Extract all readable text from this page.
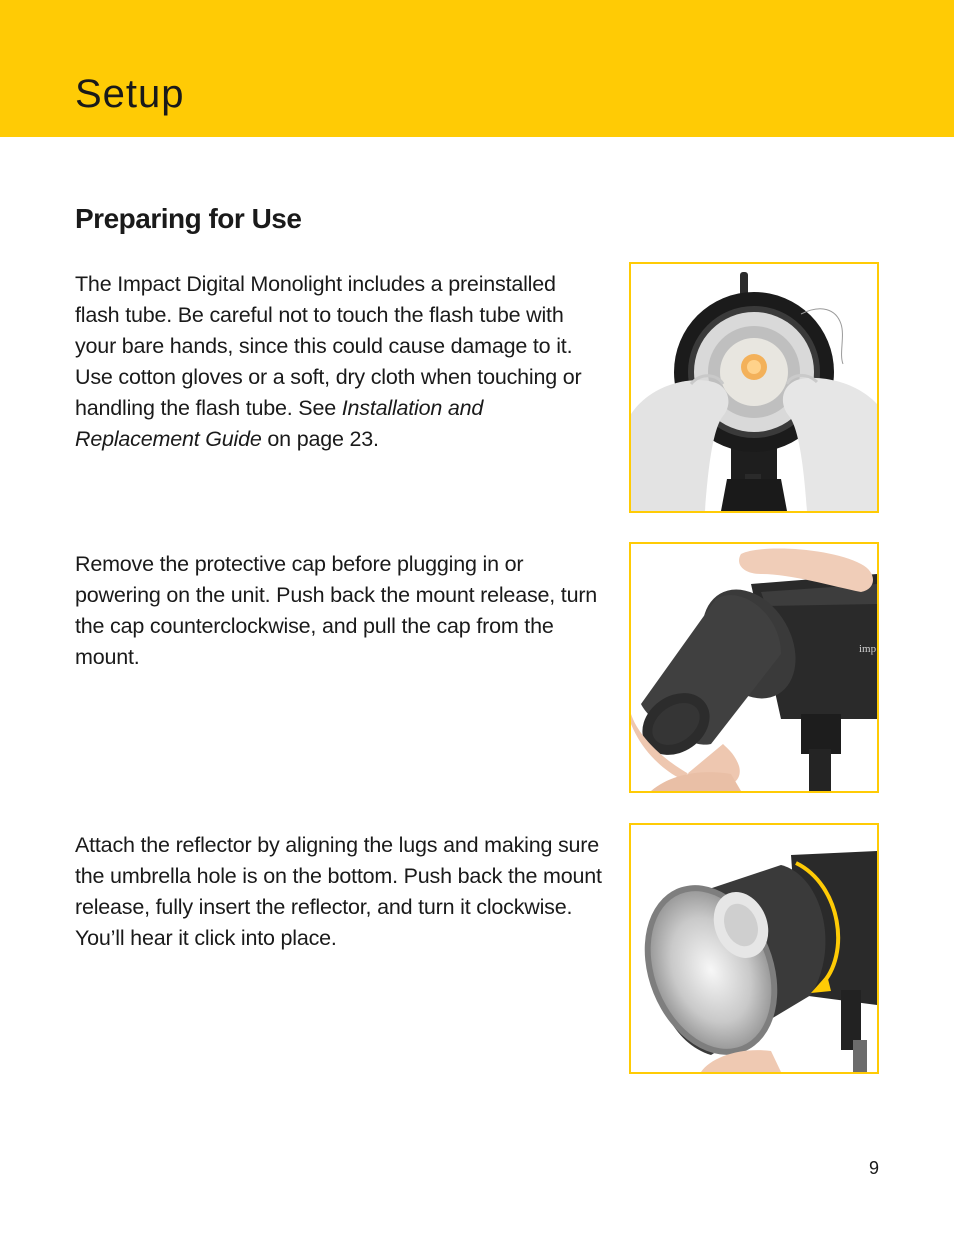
Setup
Preparing for Use

The Impact Digital Monolight includes a preinstalled flash tube. Be careful not to touch the flash tube with your bare hands, since this could cause damage to it. Use cotton gloves or a soft, dry cloth when touching or handling the flash tube. See Installation and Replacement Guide on page 23.

Remove the protective cap before plugging in or powering on the unit. Push back the mount release, turn the cap counterclockwise, and pull the cap from the mount.	imp

Attach the reflector by aligning the lugs and making sure the umbrella hole is on the bottom. Push back the mount release, fully insert the reflector, and turn it clockwise. You’ll hear it click into place.

9
